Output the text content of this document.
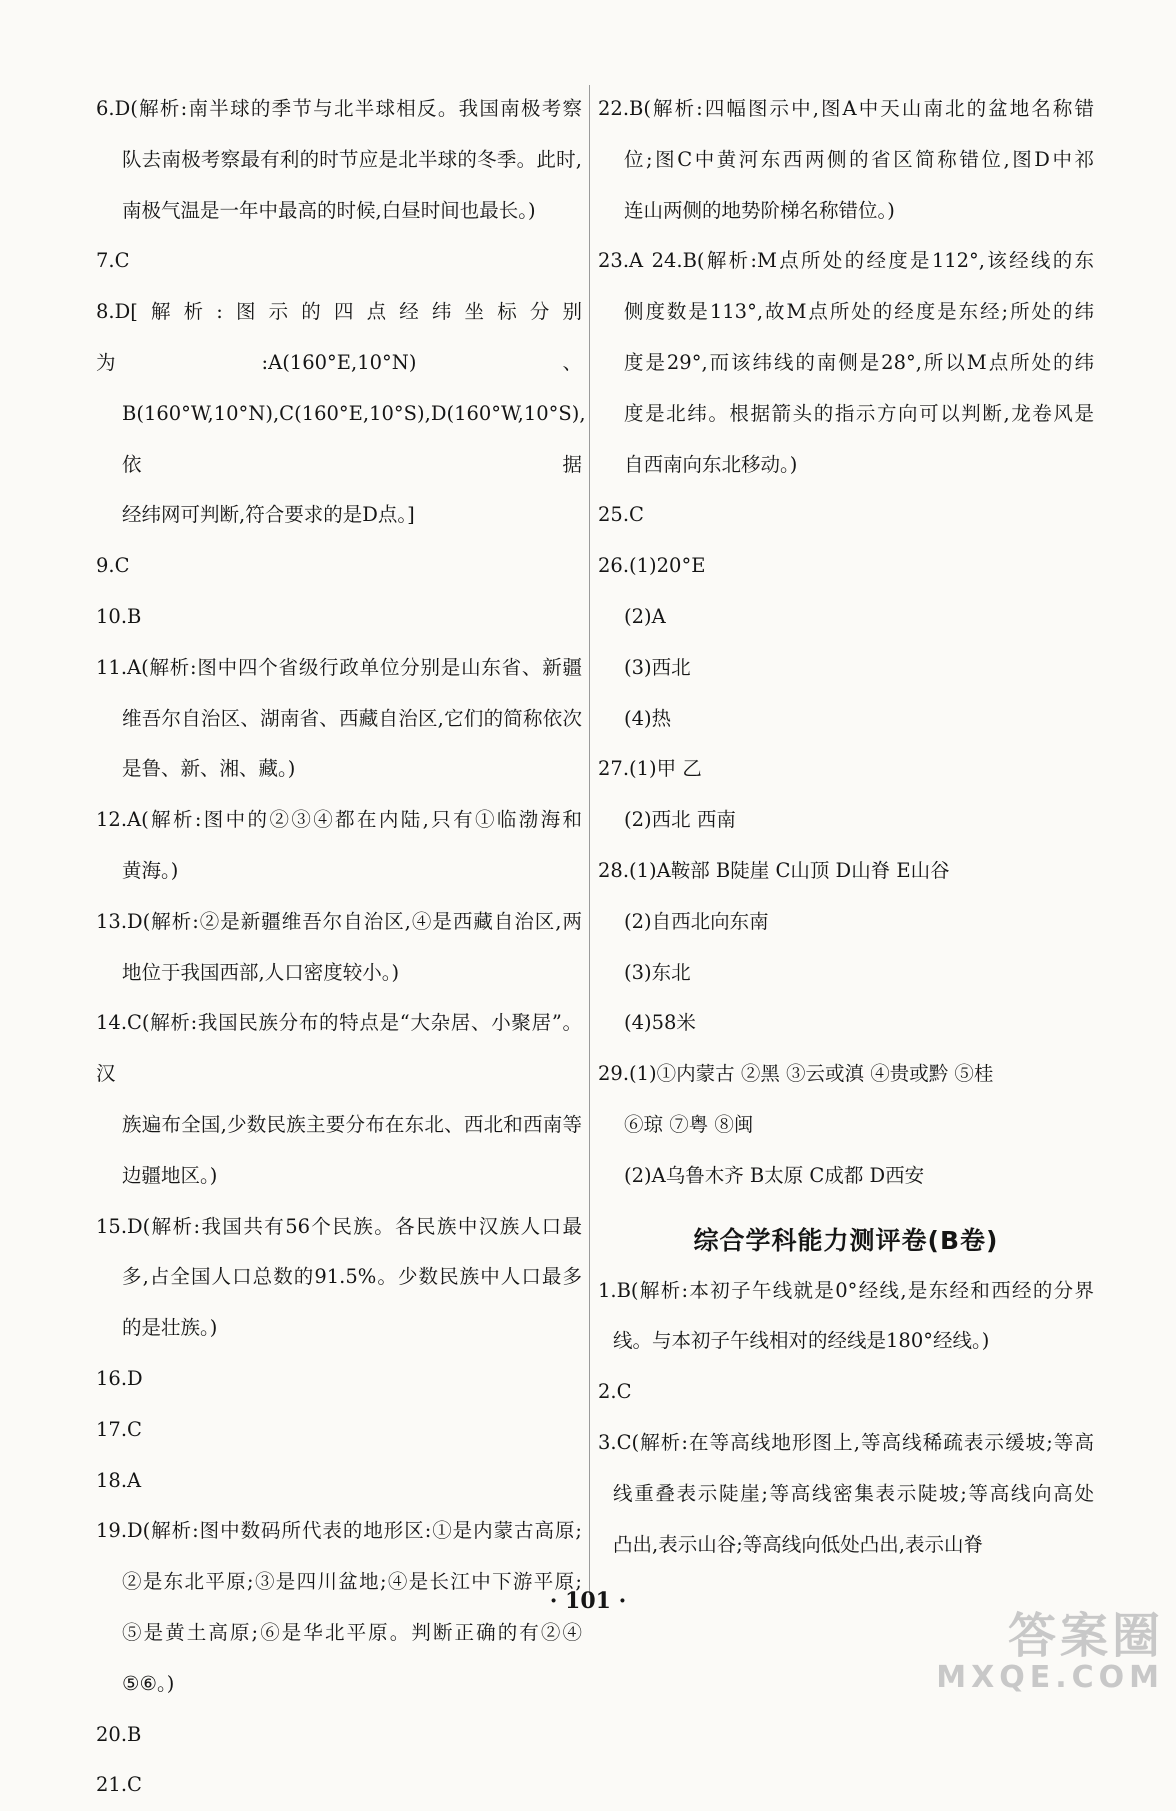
6.D(解析:南半球的季节与北半球相反。我国南极考察
队去南极考察最有利的时节应是北半球的冬季。此时,
南极气温是一年中最高的时候,白昼时间也最长。)
7.C
8.D[解析:图示的四点经纬坐标分别为:A(160°E,10°N)、
B(160°W,10°N),C(160°E,10°S),D(160°W,10°S),依据
经纬网可判断,符合要求的是D点。]
9.C
10.B
11.A(解析:图中四个省级行政单位分别是山东省、新疆
维吾尔自治区、湖南省、西藏自治区,它们的简称依次
是鲁、新、湘、藏。)
12.A(解析:图中的②③④都在内陆,只有①临渤海和
黄海。)
13.D(解析:②是新疆维吾尔自治区,④是西藏自治区,两
地位于我国西部,人口密度较小。)
14.C(解析:我国民族分布的特点是“大杂居、小聚居”。汉
族遍布全国,少数民族主要分布在东北、西北和西南等
边疆地区。)
15.D(解析:我国共有56个民族。各民族中汉族人口最
多,占全国人口总数的91.5%。少数民族中人口最多
的是壮族。)
16.D
17.C
18.A
19.D(解析:图中数码所代表的地形区:①是内蒙古高原;
②是东北平原;③是四川盆地;④是长江中下游平原;
⑤是黄土高原;⑥是华北平原。判断正确的有②④
⑤⑥。)
20.B
21.C
22.B(解析:四幅图示中,图A中天山南北的盆地名称错
位;图C中黄河东西两侧的省区简称错位,图D中祁
连山两侧的地势阶梯名称错位。)
23.A 24.B(解析:M点所处的经度是112°,该经线的东
侧度数是113°,故M点所处的经度是东经;所处的纬
度是29°,而该纬线的南侧是28°,所以M点所处的纬
度是北纬。根据箭头的指示方向可以判断,龙卷风是
自西南向东北移动。)
25.C
26.(1)20°E
(2)A
(3)西北
(4)热
27.(1)甲 乙
(2)西北 西南
28.(1)A鞍部 B陡崖 C山顶 D山脊 E山谷
(2)自西北向东南
(3)东北
(4)58米
29.(1)①内蒙古 ②黑 ③云或滇 ④贵或黔 ⑤桂
⑥琼 ⑦粤 ⑧闽
(2)A乌鲁木齐 B太原 C成都 D西安
综合学科能力测评卷(B卷)
1.B(解析:本初子午线就是0°经线,是东经和西经的分界
线。与本初子午线相对的经线是180°经线。)
2.C
3.C(解析:在等高线地形图上,等高线稀疏表示缓坡;等高
线重叠表示陡崖;等高线密集表示陡坡;等高线向高处
凸出,表示山谷;等高线向低处凸出,表示山脊
· 101 ·
答案圈
MXQE.COM
